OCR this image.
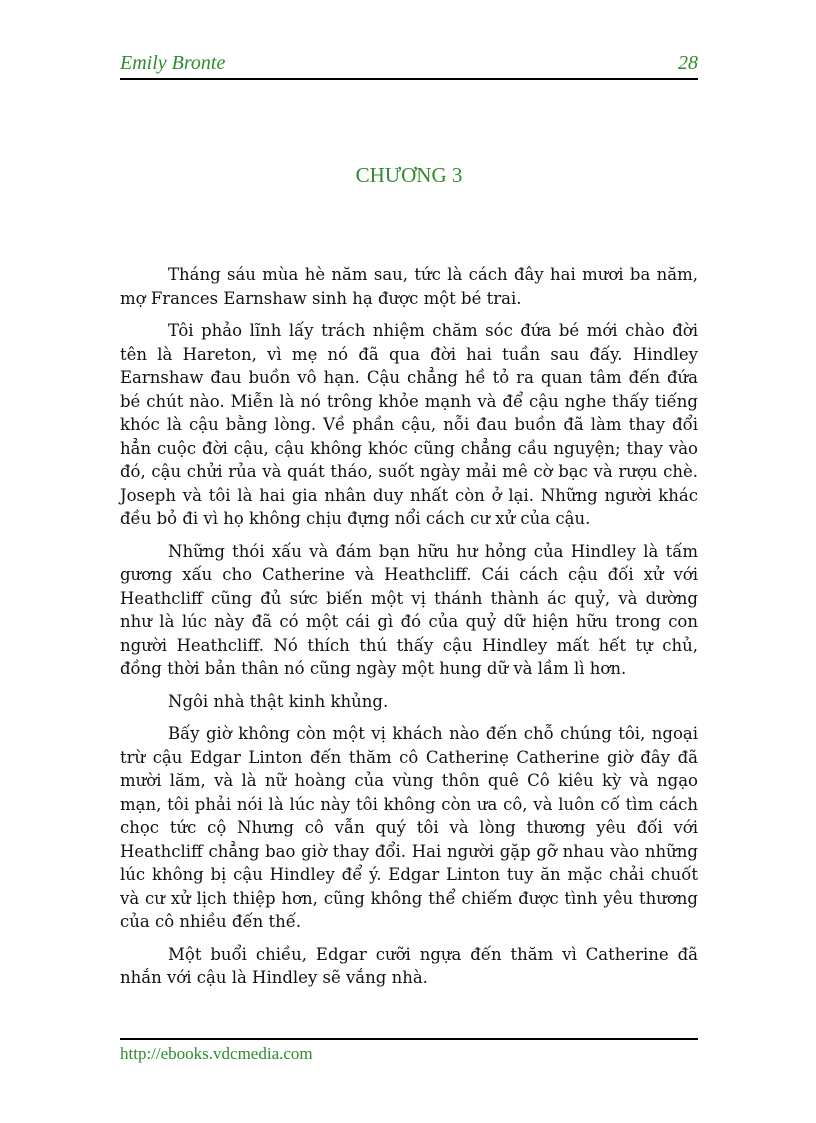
Emily Bronte	28
CHƯƠNG 3

Tháng sáu mùa hè năm sau, tức là cách đây hai mươi ba năm, mợ Frances Earnshaw sinh hạ được một bé trai.

Tôi phảo lĩnh lấy trách nhiệm chăm sóc đứa bé mới chào đời tên là Hareton, vì mẹ nó đã qua đời hai tuần sau đấy. Hindley Earnshaw đau buồn vô hạn. Cậu chẳng hề tỏ ra quan tâm đến đứa bé chút nào. Miễn là nó trông khỏe mạnh và để cậu nghe thấy tiếng khóc là cậu bằng lòng. Về phần cậu, nỗi đau buồn đã làm thay đổi hẳn cuộc đời cậu, cậu không khóc cũng chẳng cầu nguyện; thay vào đó, cậu chửi rủa và quát tháo, suốt ngày mải mê cờ bạc và rượu chè. Joseph và tôi là hai gia nhân duy nhất còn ở lại. Những người khác đều bỏ đi vì họ không chịu đựng nổi cách cư xử của cậu.

Những thói xấu và đám bạn hữu hư hỏng của Hindley là tấm gương xấu cho Catherine và Heathcliff. Cái cách cậu đối xử với Heathcliff cũng đủ sức biến một vị thánh thành ác quỷ, và dường như là lúc này đã có một cái gì đó của quỷ dữ hiện hữu trong con người Heathcliff. Nó thích thú thấy cậu Hindley mất hết tự chủ, đồng thời bản thân nó cũng ngày một hung dữ và lầm lì hơn.

Ngôi nhà thật kinh khủng.

Bấy giờ không còn một vị khách nào đến chỗ chúng tôi, ngoại trừ cậu Edgar Linton đến thăm cô Catherinẹ Catherine giờ đây đã mười lăm, và là nữ hoàng của vùng thôn quê Cô kiêu kỳ và ngạo mạn, tôi phải nói là lúc này tôi không còn ưa cô, và luôn cố tìm cách chọc tức cộ Nhưng cô vẫn quý tôi và lòng thương yêu đối với Heathcliff chẳng bao giờ thay đổi. Hai người gặp gỡ nhau vào những lúc không bị cậu Hindley để ý. Edgar Linton tuy ăn mặc chải chuốt và cư xử lịch thiệp hơn, cũng không thể chiếm được tình yêu thương của cô nhiều đến thế.

Một buổi chiều, Edgar cưỡi ngựa đến thăm vì Catherine đã nhắn với cậu là Hindley sẽ vắng nhà.

http://ebooks.vdcmedia.com
